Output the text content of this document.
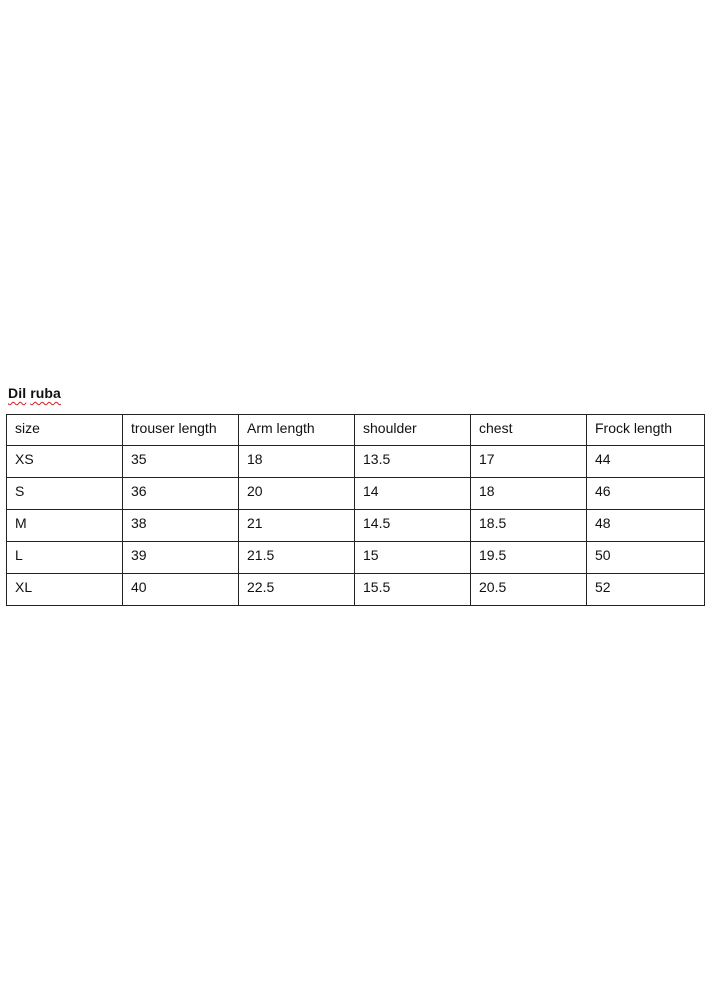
Dil ruba
size	trouser length	Arm length	shoulder	chest	Frock length
XS	35	18	13.5	17	44
S	36	20	14	18	46
M	38	21	14.5	18.5	48
L	39	21.5	15	19.5	50
XL	40	22.5	15.5	20.5	52
